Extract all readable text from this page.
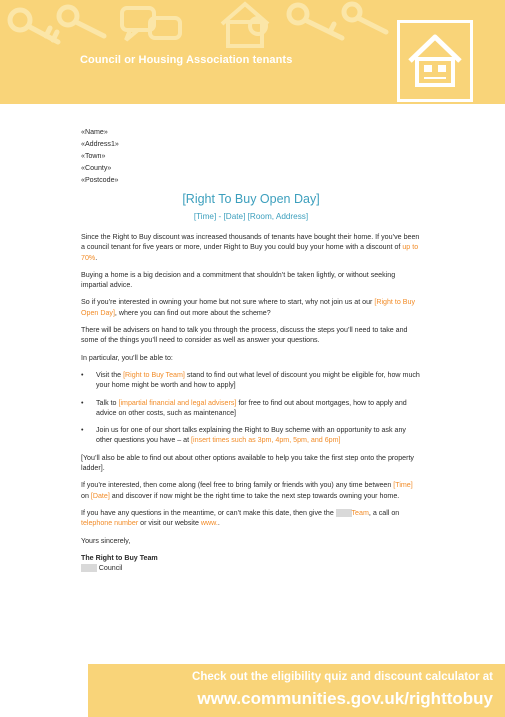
Council or Housing Association tenants
«Name»
«Address1»
«Town»
«County»
«Postcode»
[Right To Buy Open Day]
[Time] - [Date] [Room, Address]

Since the Right to Buy discount was increased thousands of tenants have bought their home. If you’ve been a council tenant for five years or more, under Right to Buy you could buy your home with a discount of up to 70%.

Buying a home is a big decision and a commitment that shouldn’t be taken lightly, or without seeking impartial advice.

So if you’re interested in owning your home but not sure where to start, why not join us at our [Right to Buy Open Day], where you can find out more about the scheme?

There will be advisers on hand to talk you through the process, discuss the steps you’ll need to take and some of the things you’ll need to consider as well as answer your questions.

In particular, you’ll be able to:

• Visit the [Right to Buy Team] stand to find out what level of discount you might be eligible for, how much your home might be worth and how to apply]
• Talk to [impartial financial and legal advisers] for free to find out about mortgages, how to apply and advice on other costs, such as maintenance]
• Join us for one of our short talks explaining the Right to Buy scheme with an opportunity to ask any other questions you have – at [insert times such as 3pm, 4pm, 5pm, and 6pm]

[You’ll also be able to find out about other options available to help you take the first step onto the property ladder].

If you’re interested, then come along (feel free to bring family or friends with you) any time between [Time] on [Date] and discover if now might be the right time to take the next step towards owning your home.

If you have any questions in the meantime, or can’t make this date, then give the ........Team, a call on telephone number or visit our website www..

Yours sincerely,

The Right to Buy Team

........ Council

Check out the eligibility quiz and discount calculator at
www.communities.gov.uk/righttobuy
